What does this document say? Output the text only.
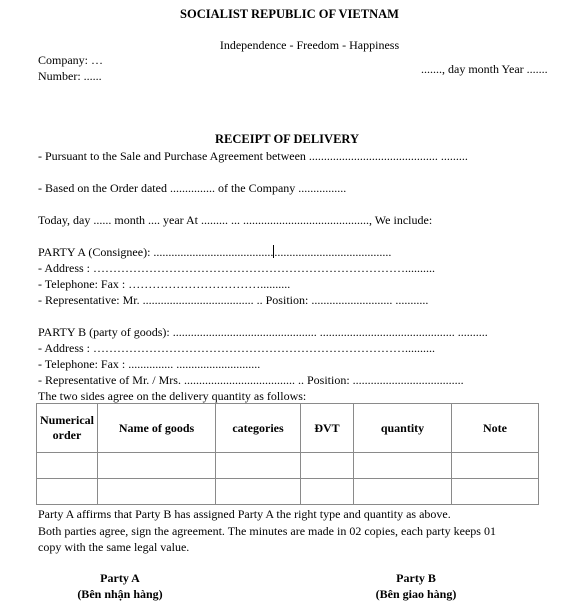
SOCIALIST REPUBLIC OF VIETNAM
Independence - Freedom - Happiness
Company: …
Number: ......	......., day month Year .......
RECEIPT OF DELIVERY
- Pursuant to the Sale and Purchase Agreement between ........................................... .........
- Based on the Order dated ............... of the Company ................
Today, day ...... month .... year At ......... ... .........................................., We include:
PARTY A (Consignee): ...............................................................................
- Address : ……………………………………………………………………..........
- Telephone: Fax : ……………………………..........
- Representative: Mr. ..................................... .. Position: ........................... ...........
PARTY B (party of goods): ................................................ ............................................. ..........
- Address : ……………………………………………………………………..........
- Telephone: Fax : ............... ............................
- Representative of Mr. / Mrs. ..................................... .. Position: .....................................
The two sides agree on the delivery quantity as follows:
Numerical order	Name of goods	categories	ĐVT	quantity	Note

Party A affirms that Party B has assigned Party A the right type and quantity as above.
Both parties agree, sign the agreement. The minutes are made in 02 copies, each party keeps 01
copy with the same legal value.
Party A
(Bên nhận hàng)
Party B
(Bên giao hàng)
